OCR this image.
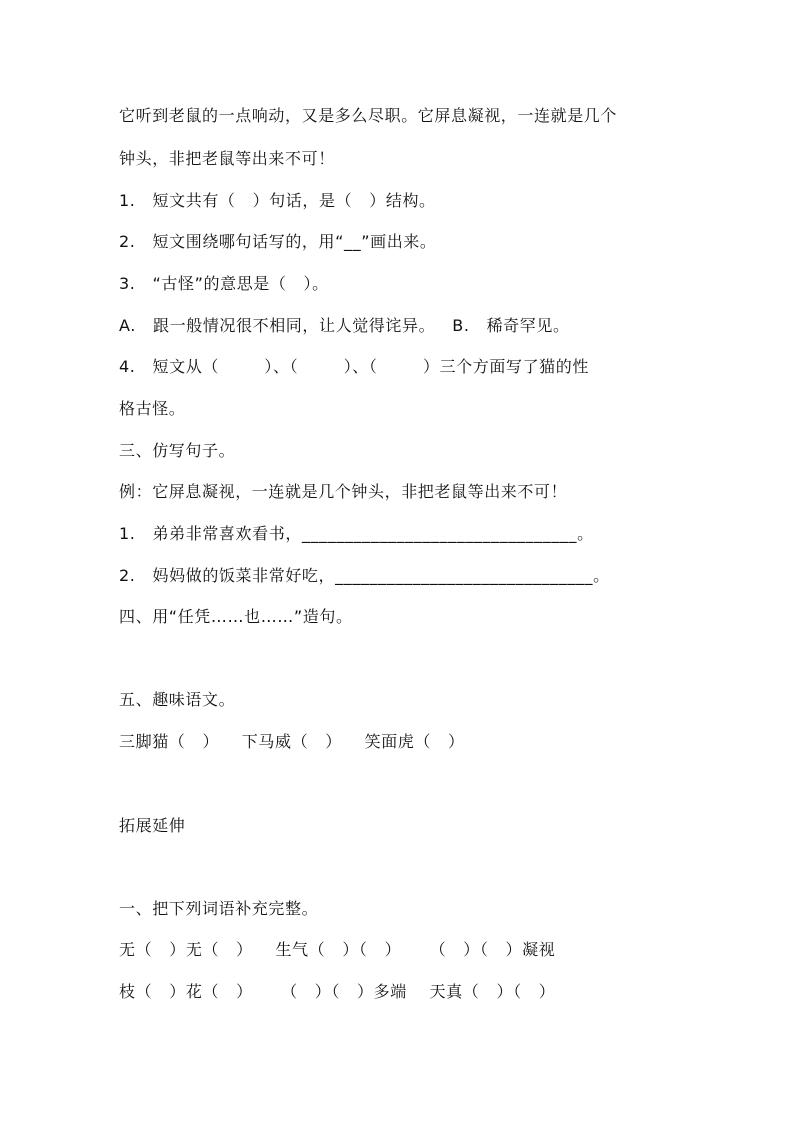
它听到老鼠的一点响动，又是多么尽职。它屏息凝视，一连就是几个
钟头，非把老鼠等出来不可！
1.   短文共有（   ）句话，是（   ）结构。
2.   短文围绕哪句话写的，用“__”画出来。
3.   “古怪”的意思是（   ）。
A.   跟一般情况很不相同，让人觉得诧异。   B.   稀奇罕见。
4.   短文从（        ）、（        ）、（        ）三个方面写了猫的性
格古怪。
三、仿写句子。
例：它屏息凝视，一连就是几个钟头，非把老鼠等出来不可！
1.   弟弟非常喜欢看书，________________________________。
2.   妈妈做的饭菜非常好吃，______________________________。
四、用“任凭……也……”造句。
五、趣味语文。
三脚猫（   ）    下马威（   ）    笑面虎（   ）
拓展延伸
一、把下列词语补充完整。
无（   ）无（   ）    生气（   ）（   ）     （   ）（   ）凝视
枝（   ）花（   ）     （   ）（   ）多端    天真（   ）（   ）
